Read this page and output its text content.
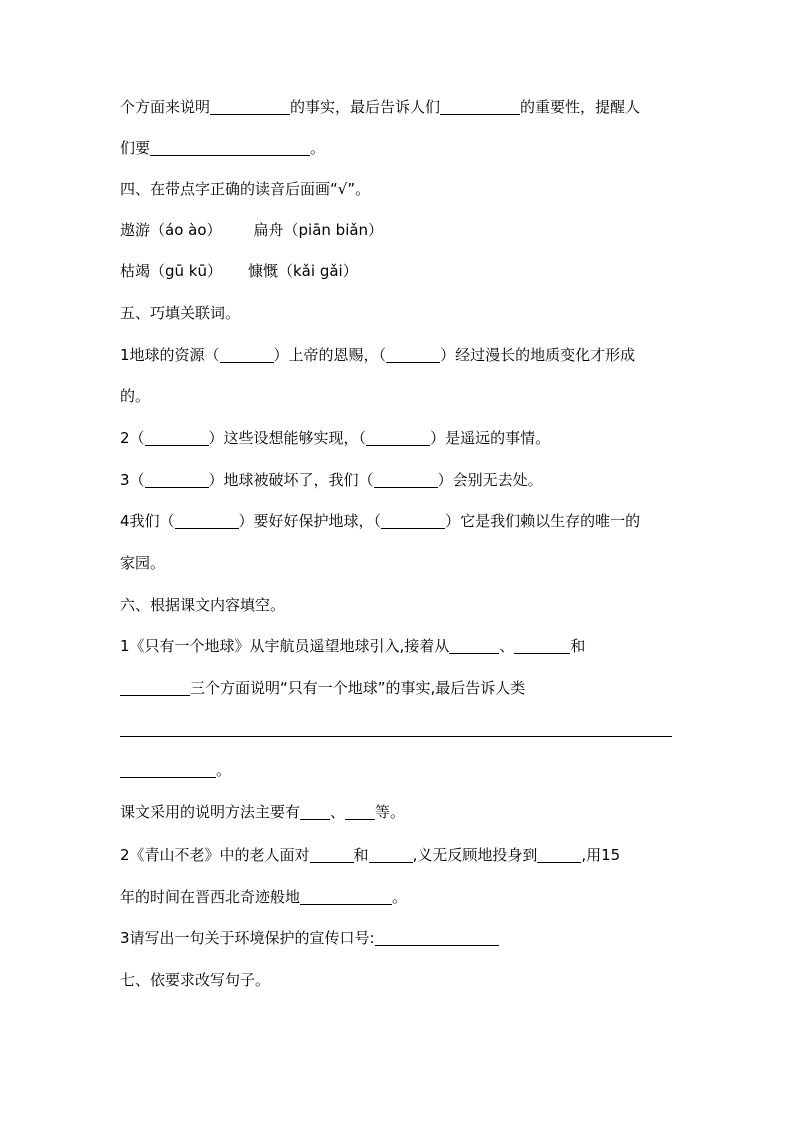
个方面来说明	的事实，最后告诉人们	的重要性，提醒人
们要	。
四、在带点字正确的读音后面画“√”。
遨游（áo ào） 扁舟（piān biǎn）
枯竭（gū kū） 慷慨（kǎi gǎi）
五、巧填关联词。
1地球的资源（	）上帝的恩赐，（	）经过漫长的地质变化才形成
的。
2（	）这些设想能够实现，（	）是遥远的事情。
3（	）地球被破坏了，我们（	）会别无去处。
4我们（	）要好好保护地球，（	）它是我们赖以生存的唯一的
家园。
六、根据课文内容填空。
1《只有一个地球》从宇航员遥望地球引入,接着从	、	和
三个方面说明“只有一个地球”的事实,最后告诉人类
。
课文采用的说明方法主要有 、 等。
2《青山不老》中的老人面对	和	,义无反顾地投身到	,用15
年的时间在晋西北奇迹般地	。
3请写出一句关于环境保护的宣传口号:
七、依要求改写句子。
